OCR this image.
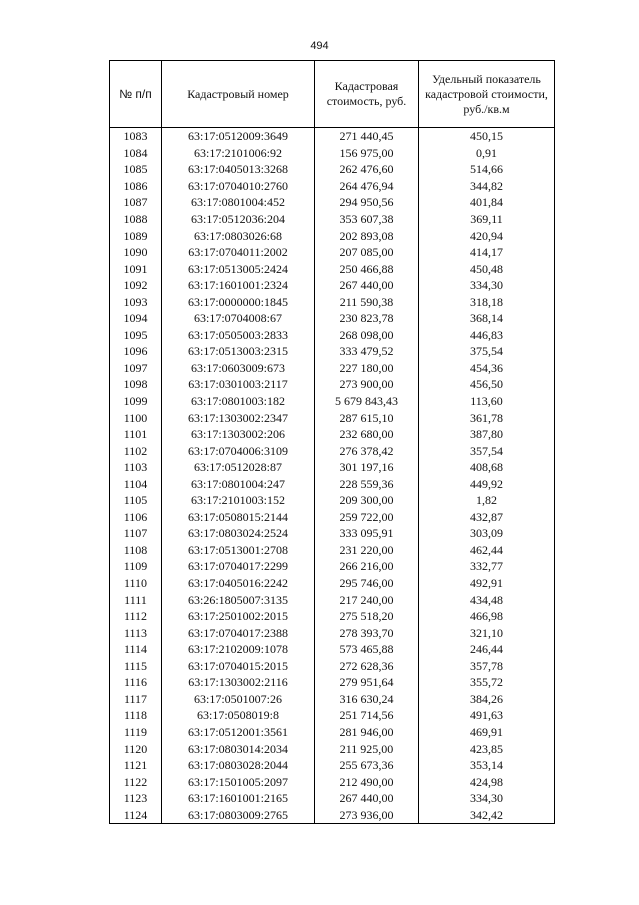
494
№ п/п	Кадастровый номер	Кадастровая стоимость, руб.	Удельный показатель кадастровой стоимости, руб./кв.м
1083	63:17:0512009:3649	271 440,45	450,15
1084	63:17:2101006:92	156 975,00	0,91
1085	63:17:0405013:3268	262 476,60	514,66
1086	63:17:0704010:2760	264 476,94	344,82
1087	63:17:0801004:452	294 950,56	401,84
1088	63:17:0512036:204	353 607,38	369,11
1089	63:17:0803026:68	202 893,08	420,94
1090	63:17:0704011:2002	207 085,00	414,17
1091	63:17:0513005:2424	250 466,88	450,48
1092	63:17:1601001:2324	267 440,00	334,30
1093	63:17:0000000:1845	211 590,38	318,18
1094	63:17:0704008:67	230 823,78	368,14
1095	63:17:0505003:2833	268 098,00	446,83
1096	63:17:0513003:2315	333 479,52	375,54
1097	63:17:0603009:673	227 180,00	454,36
1098	63:17:0301003:2117	273 900,00	456,50
1099	63:17:0801003:182	5 679 843,43	113,60
1100	63:17:1303002:2347	287 615,10	361,78
1101	63:17:1303002:206	232 680,00	387,80
1102	63:17:0704006:3109	276 378,42	357,54
1103	63:17:0512028:87	301 197,16	408,68
1104	63:17:0801004:247	228 559,36	449,92
1105	63:17:2101003:152	209 300,00	1,82
1106	63:17:0508015:2144	259 722,00	432,87
1107	63:17:0803024:2524	333 095,91	303,09
1108	63:17:0513001:2708	231 220,00	462,44
1109	63:17:0704017:2299	266 216,00	332,77
1110	63:17:0405016:2242	295 746,00	492,91
1111	63:26:1805007:3135	217 240,00	434,48
1112	63:17:2501002:2015	275 518,20	466,98
1113	63:17:0704017:2388	278 393,70	321,10
1114	63:17:2102009:1078	573 465,88	246,44
1115	63:17:0704015:2015	272 628,36	357,78
1116	63:17:1303002:2116	279 951,64	355,72
1117	63:17:0501007:26	316 630,24	384,26
1118	63:17:0508019:8	251 714,56	491,63
1119	63:17:0512001:3561	281 946,00	469,91
1120	63:17:0803014:2034	211 925,00	423,85
1121	63:17:0803028:2044	255 673,36	353,14
1122	63:17:1501005:2097	212 490,00	424,98
1123	63:17:1601001:2165	267 440,00	334,30
1124	63:17:0803009:2765	273 936,00	342,42
